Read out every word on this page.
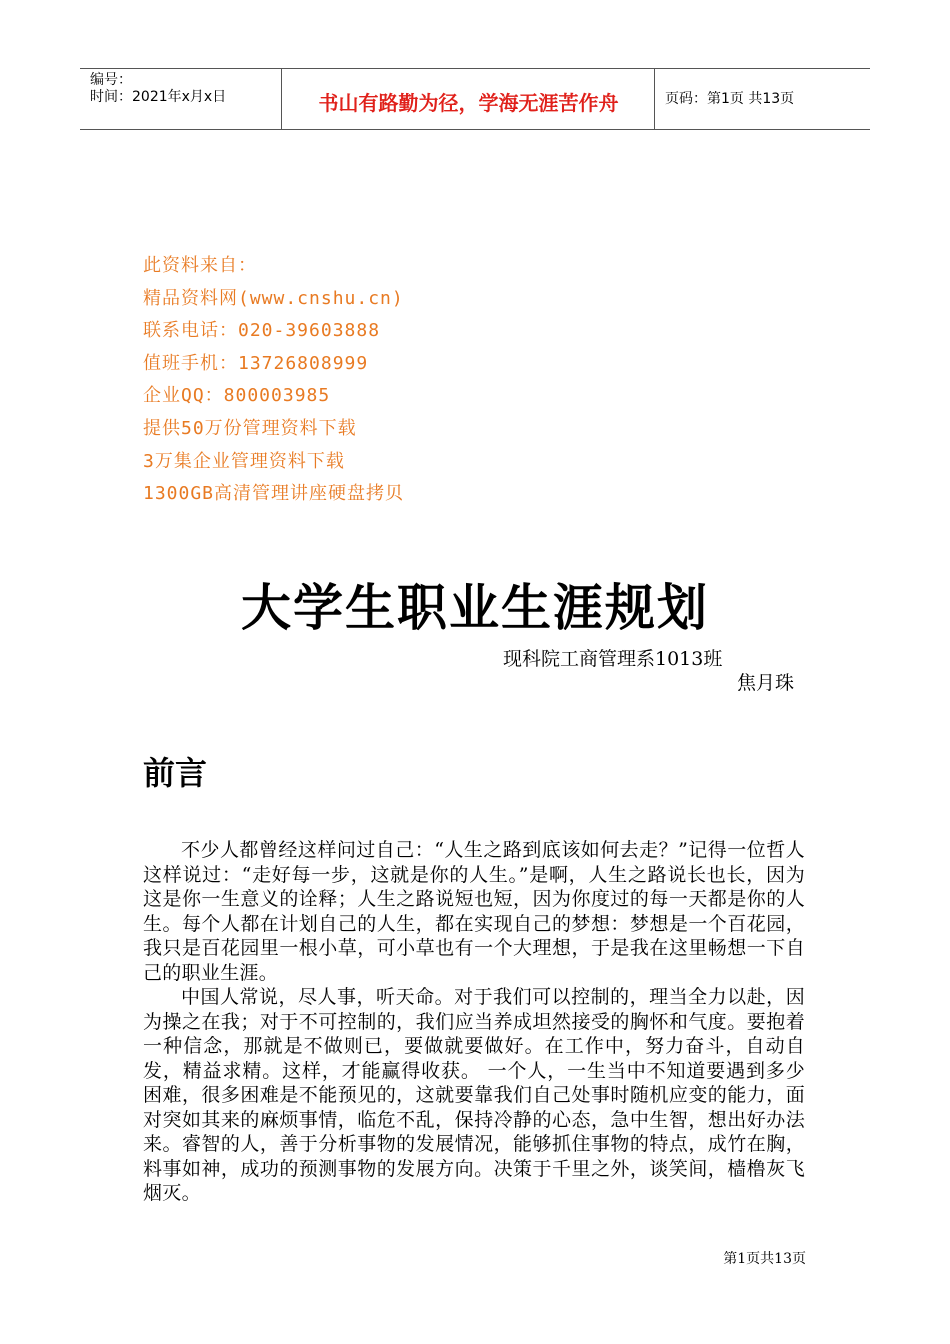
编号：
时间：2021年x月x日	书山有路勤为径，学海无涯苦作舟	页码：第1页 共13页
此资料来自：
精品资料网(www.cnshu.cn)
联系电话：020-39603888
值班手机：13726808999
企业QQ：800003985
提供50万份管理资料下载
3万集企业管理资料下载
1300GB高清管理讲座硬盘拷贝
大学生职业生涯规划
现科院工商管理系1013班
焦月珠
前言

不少人都曾经这样问过自己：“人生之路到底该如何去走？”记得一位哲人这样说过：“走好每一步，这就是你的人生。”是啊，人生之路说长也长，因为这是你一生意义的诠释；人生之路说短也短，因为你度过的每一天都是你的人生。每个人都在计划自己的人生，都在实现自己的梦想：梦想是一个百花园，我只是百花园里一根小草，可小草也有一个大理想，于是我在这里畅想一下自己的职业生涯。

中国人常说，尽人事，听天命。对于我们可以控制的，理当全力以赴，因为操之在我；对于不可控制的，我们应当养成坦然接受的胸怀和气度。要抱着一种信念，那就是不做则已，要做就要做好。在工作中，努力奋斗，自动自发，精益求精。这样，才能赢得收获。 一个人，一生当中不知道要遇到多少困难，很多困难是不能预见的，这就要靠我们自己处事时随机应变的能力，面对突如其来的麻烦事情，临危不乱，保持冷静的心态，急中生智，想出好办法来。睿智的人，善于分析事物的发展情况，能够抓住事物的特点，成竹在胸，料事如神，成功的预测事物的发展方向。决策于千里之外，谈笑间，樯橹灰飞烟灭。

第1页共13页
